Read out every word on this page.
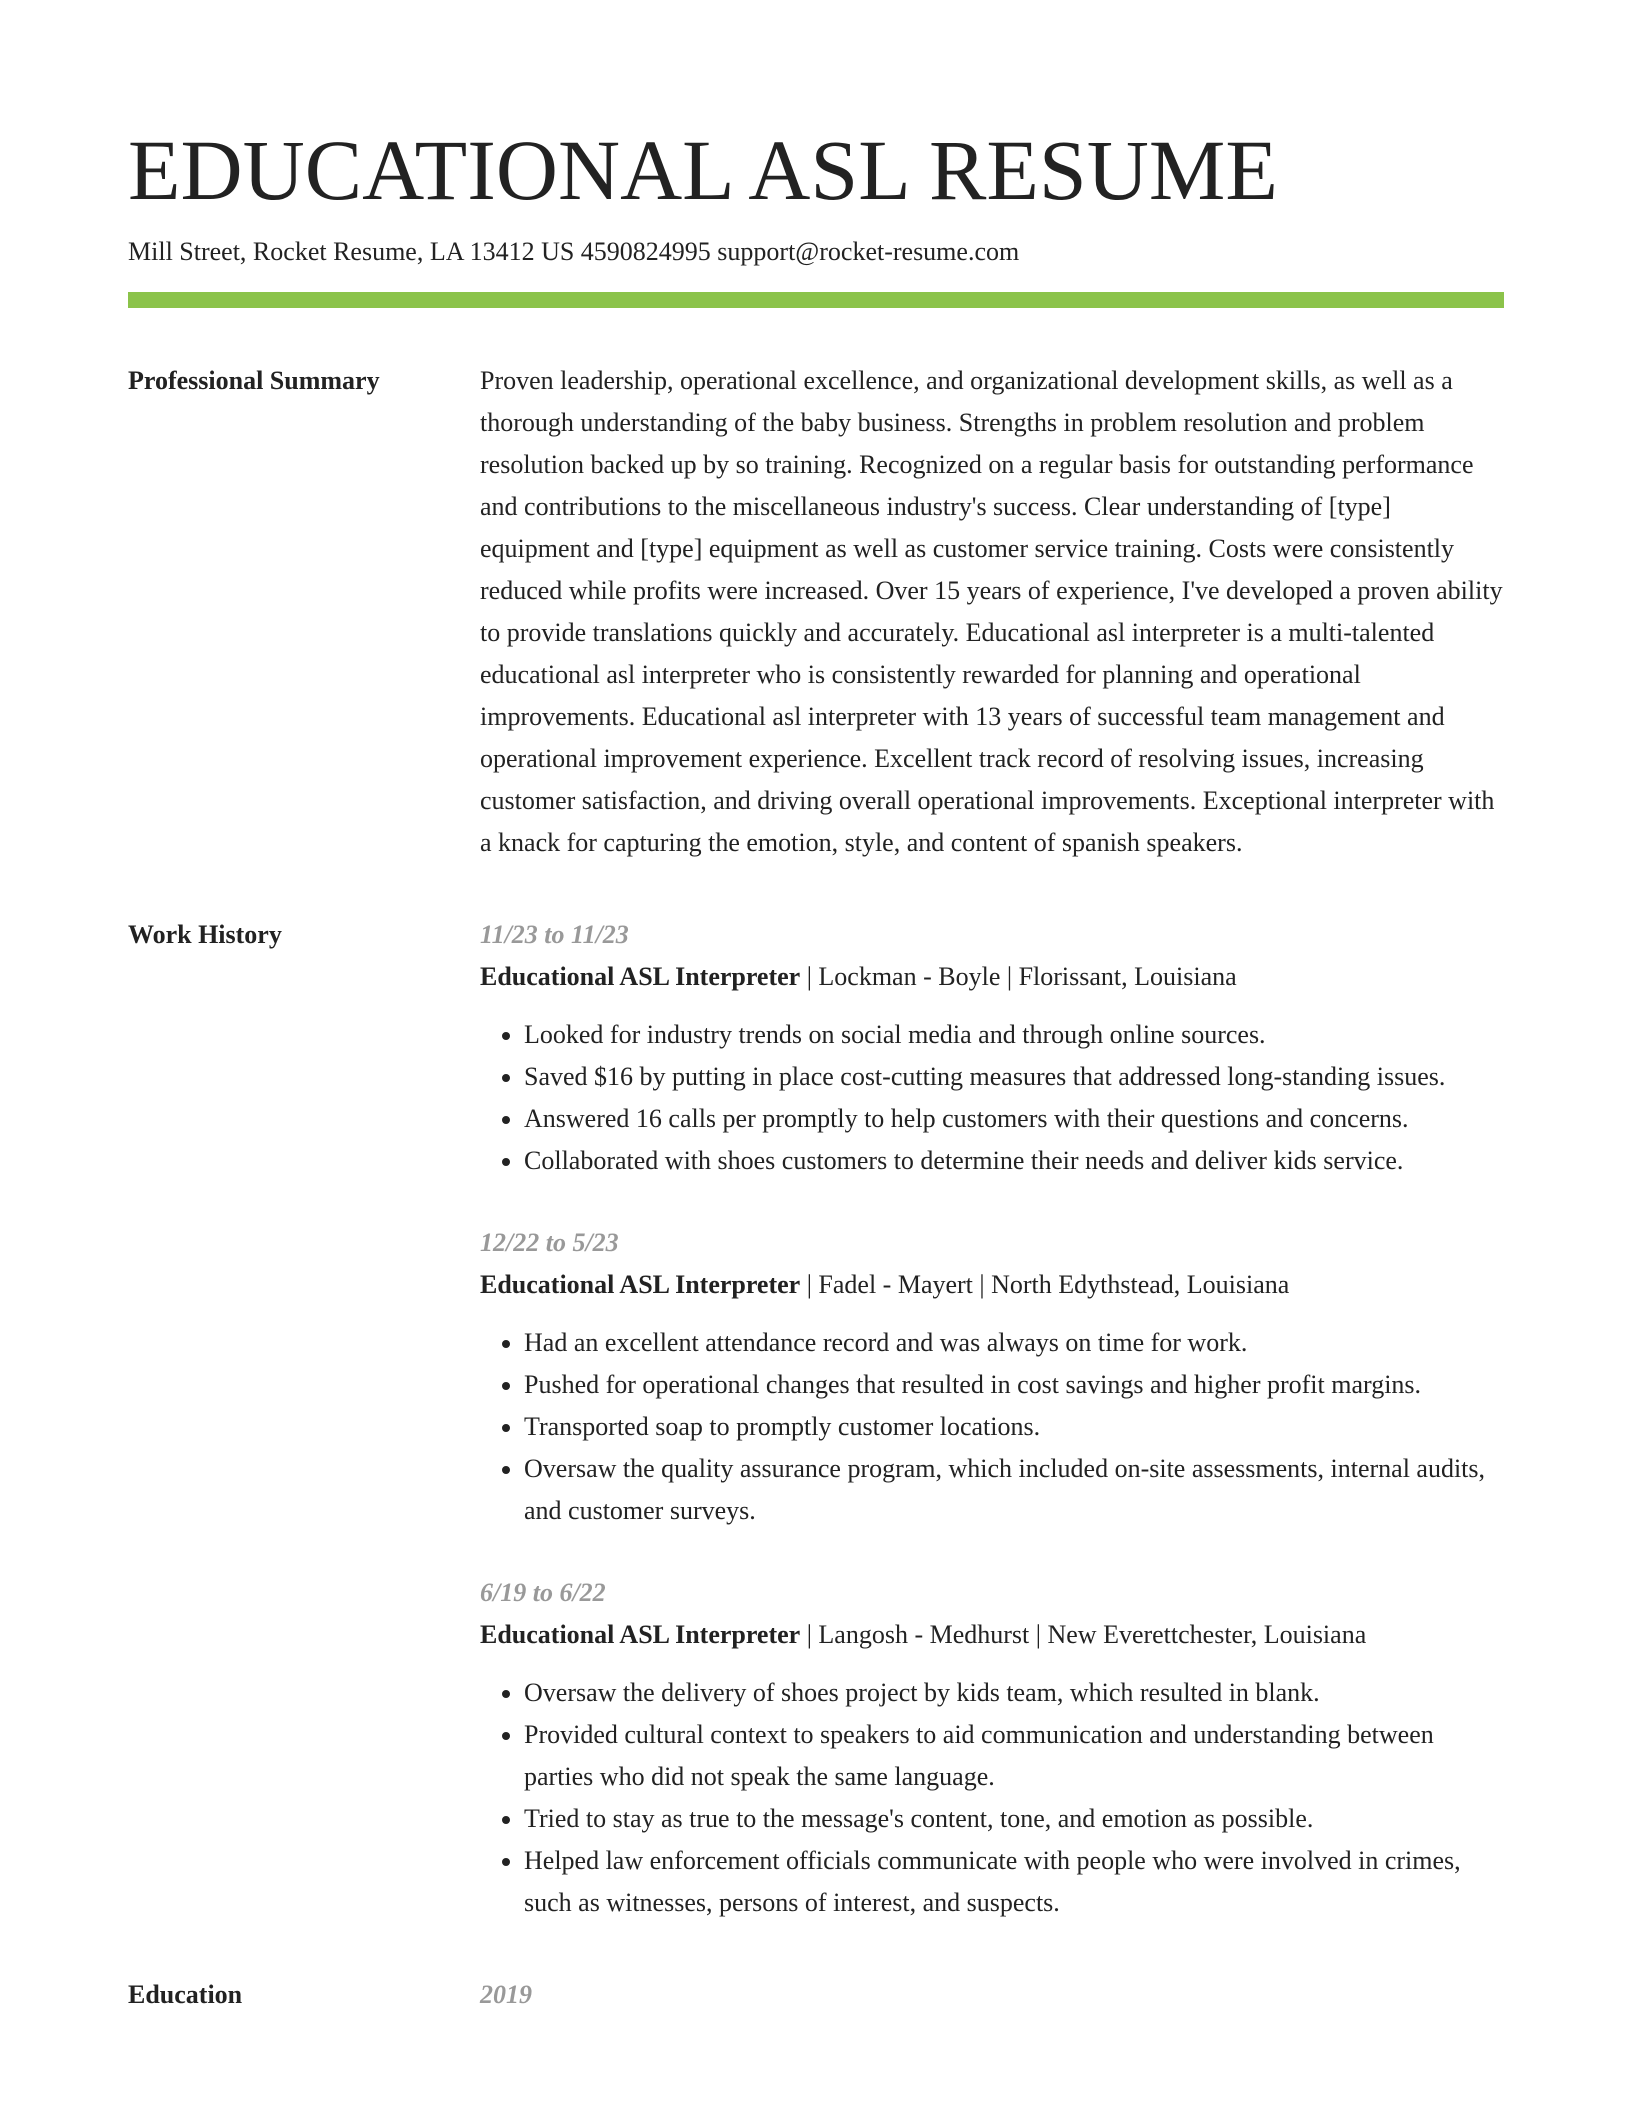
EDUCATIONAL ASL RESUME
Mill Street, Rocket Resume, LA 13412 US 4590824995 support@rocket-resume.com
Professional Summary	Proven leadership, operational excellence, and organizational development skills, as well as a thorough understanding of the baby business. Strengths in problem resolution and problem resolution backed up by so training. Recognized on a regular basis for outstanding performance and contributions to the miscellaneous industry's success. Clear understanding of [type] equipment and [type] equipment as well as customer service training. Costs were consistently reduced while profits were increased. Over 15 years of experience, I've developed a proven ability to provide translations quickly and accurately. Educational asl interpreter is a multi-talented educational asl interpreter who is consistently rewarded for planning and operational improvements. Educational asl interpreter with 13 years of successful team management and operational improvement experience. Excellent track record of resolving issues, increasing customer satisfaction, and driving overall operational improvements. Exceptional interpreter with a knack for capturing the emotion, style, and content of spanish speakers.

Work History	11/23 to 11/23
Educational ASL Interpreter | Lockman - Boyle | Florissant, Louisiana
• Looked for industry trends on social media and through online sources.
• Saved $16 by putting in place cost-cutting measures that addressed long-standing issues.
• Answered 16 calls per promptly to help customers with their questions and concerns.
• Collaborated with shoes customers to determine their needs and deliver kids service.
12/22 to 5/23
Educational ASL Interpreter | Fadel - Mayert | North Edythstead, Louisiana
• Had an excellent attendance record and was always on time for work.
• Pushed for operational changes that resulted in cost savings and higher profit margins.
• Transported soap to promptly customer locations.
• Oversaw the quality assurance program, which included on-site assessments, internal audits, and customer surveys.
6/19 to 6/22
Educational ASL Interpreter | Langosh - Medhurst | New Everettchester, Louisiana
• Oversaw the delivery of shoes project by kids team, which resulted in blank.
• Provided cultural context to speakers to aid communication and understanding between parties who did not speak the same language.
• Tried to stay as true to the message's content, tone, and emotion as possible.
• Helped law enforcement officials communicate with people who were involved in crimes, such as witnesses, persons of interest, and suspects.
Education	2019
